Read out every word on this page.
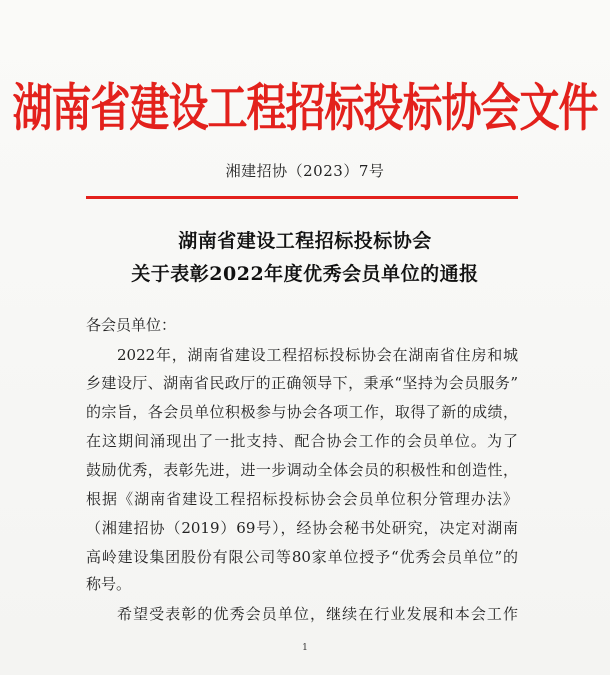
湖南省建设工程招标投标协会文件
湘建招协（2023）7号
湖南省建设工程招标投标协会
关于表彰2022年度优秀会员单位的通报
各会员单位：
2022年，湖南省建设工程招标投标协会在湖南省住房和城
乡建设厅、湖南省民政厅的正确领导下，秉承“坚持为会员服务”
的宗旨，各会员单位积极参与协会各项工作，取得了新的成绩，
在这期间涌现出了一批支持、配合协会工作的会员单位。为了
鼓励优秀，表彰先进，进一步调动全体会员的积极性和创造性，
根据《湖南省建设工程招标投标协会会员单位积分管理办法》
（湘建招协（2019）69号），经协会秘书处研究，决定对湖南
高岭建设集团股份有限公司等80家单位授予“优秀会员单位”的
称号。
希望受表彰的优秀会员单位，继续在行业发展和本会工作
1
